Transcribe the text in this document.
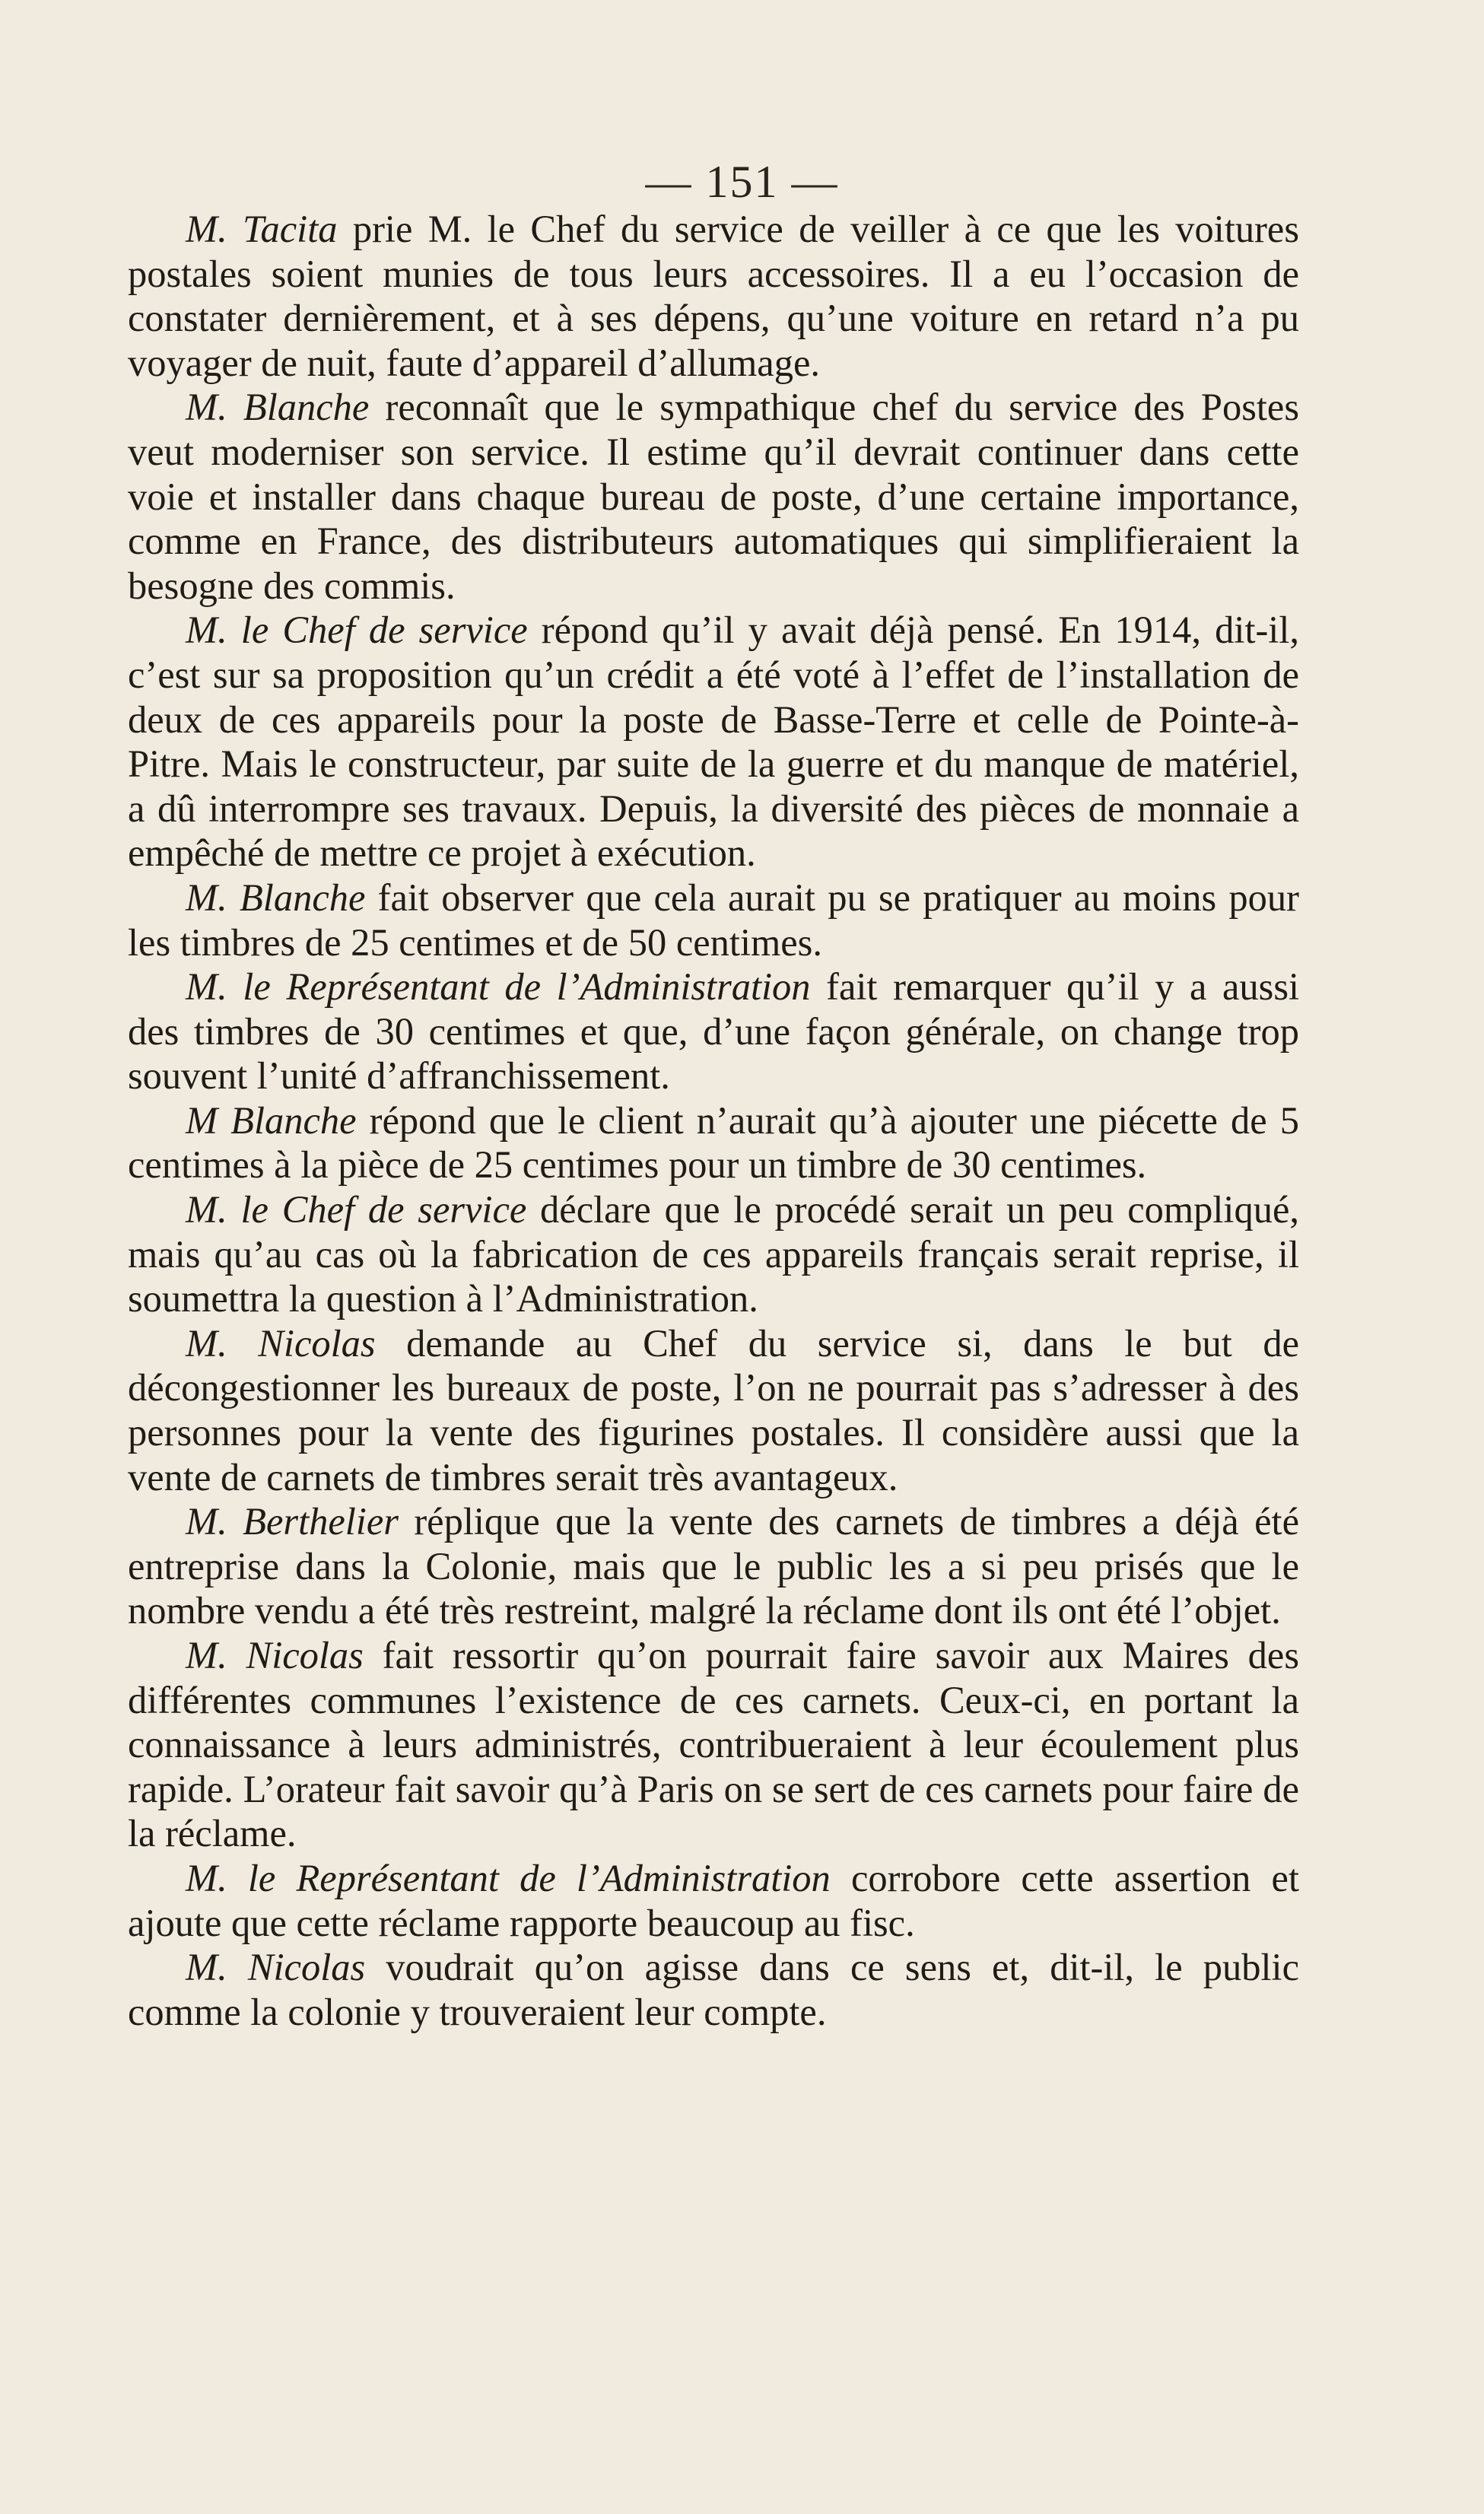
— 151 —

M. Tacita prie M. le Chef du service de veiller à ce que les voitures postales soient munies de tous leurs accessoires. Il a eu l’occasion de constater dernièrement, et à ses dépens, qu’une voiture en retard n’a pu voyager de nuit, faute d’appareil d’allumage.

M. Blanche reconnaît que le sympathique chef du service des Postes veut moderniser son service. Il estime qu’il devrait continuer dans cette voie et installer dans chaque bureau de poste, d’une certaine importance, comme en France, des distributeurs automatiques qui simplifieraient la besogne des commis.

M. le Chef de service répond qu’il y avait déjà pensé. En 1914, dit-il, c’est sur sa proposition qu’un crédit a été voté à l’effet de l’installation de deux de ces appareils pour la poste de Basse-Terre et celle de Pointe-à-Pitre. Mais le constructeur, par suite de la guerre et du manque de matériel, a dû interrompre ses travaux. Depuis, la diversité des pièces de monnaie a empêché de mettre ce projet à exécution.

M. Blanche fait observer que cela aurait pu se pratiquer au moins pour les timbres de 25 centimes et de 50 centimes.

M. le Représentant de l’Administration fait remarquer qu’il y a aussi des timbres de 30 centimes et que, d’une façon générale, on change trop souvent l’unité d’affranchissement.

M Blanche répond que le client n’aurait qu’à ajouter une piécette de 5 centimes à la pièce de 25 centimes pour un timbre de 30 centimes.

M. le Chef de service déclare que le procédé serait un peu compliqué, mais qu’au cas où la fabrication de ces appareils français serait reprise, il soumettra la question à l’Administration.

M. Nicolas demande au Chef du service si, dans le but de décongestionner les bureaux de poste, l’on ne pourrait pas s’adresser à des personnes pour la vente des figurines postales. Il considère aussi que la vente de carnets de timbres serait très avantageux.

M. Berthelier réplique que la vente des carnets de timbres a déjà été entreprise dans la Colonie, mais que le public les a si peu prisés que le nombre vendu a été très restreint, malgré la réclame dont ils ont été l’objet.

M. Nicolas fait ressortir qu’on pourrait faire savoir aux Maires des différentes communes l’existence de ces carnets. Ceux-ci, en portant la connaissance à leurs administrés, contribueraient à leur écoulement plus rapide. L’orateur fait savoir qu’à Paris on se sert de ces carnets pour faire de la réclame.

M. le Représentant de l’Administration corrobore cette assertion et ajoute que cette réclame rapporte beaucoup au fisc.

M. Nicolas voudrait qu’on agisse dans ce sens et, dit-il, le public comme la colonie y trouveraient leur compte.
